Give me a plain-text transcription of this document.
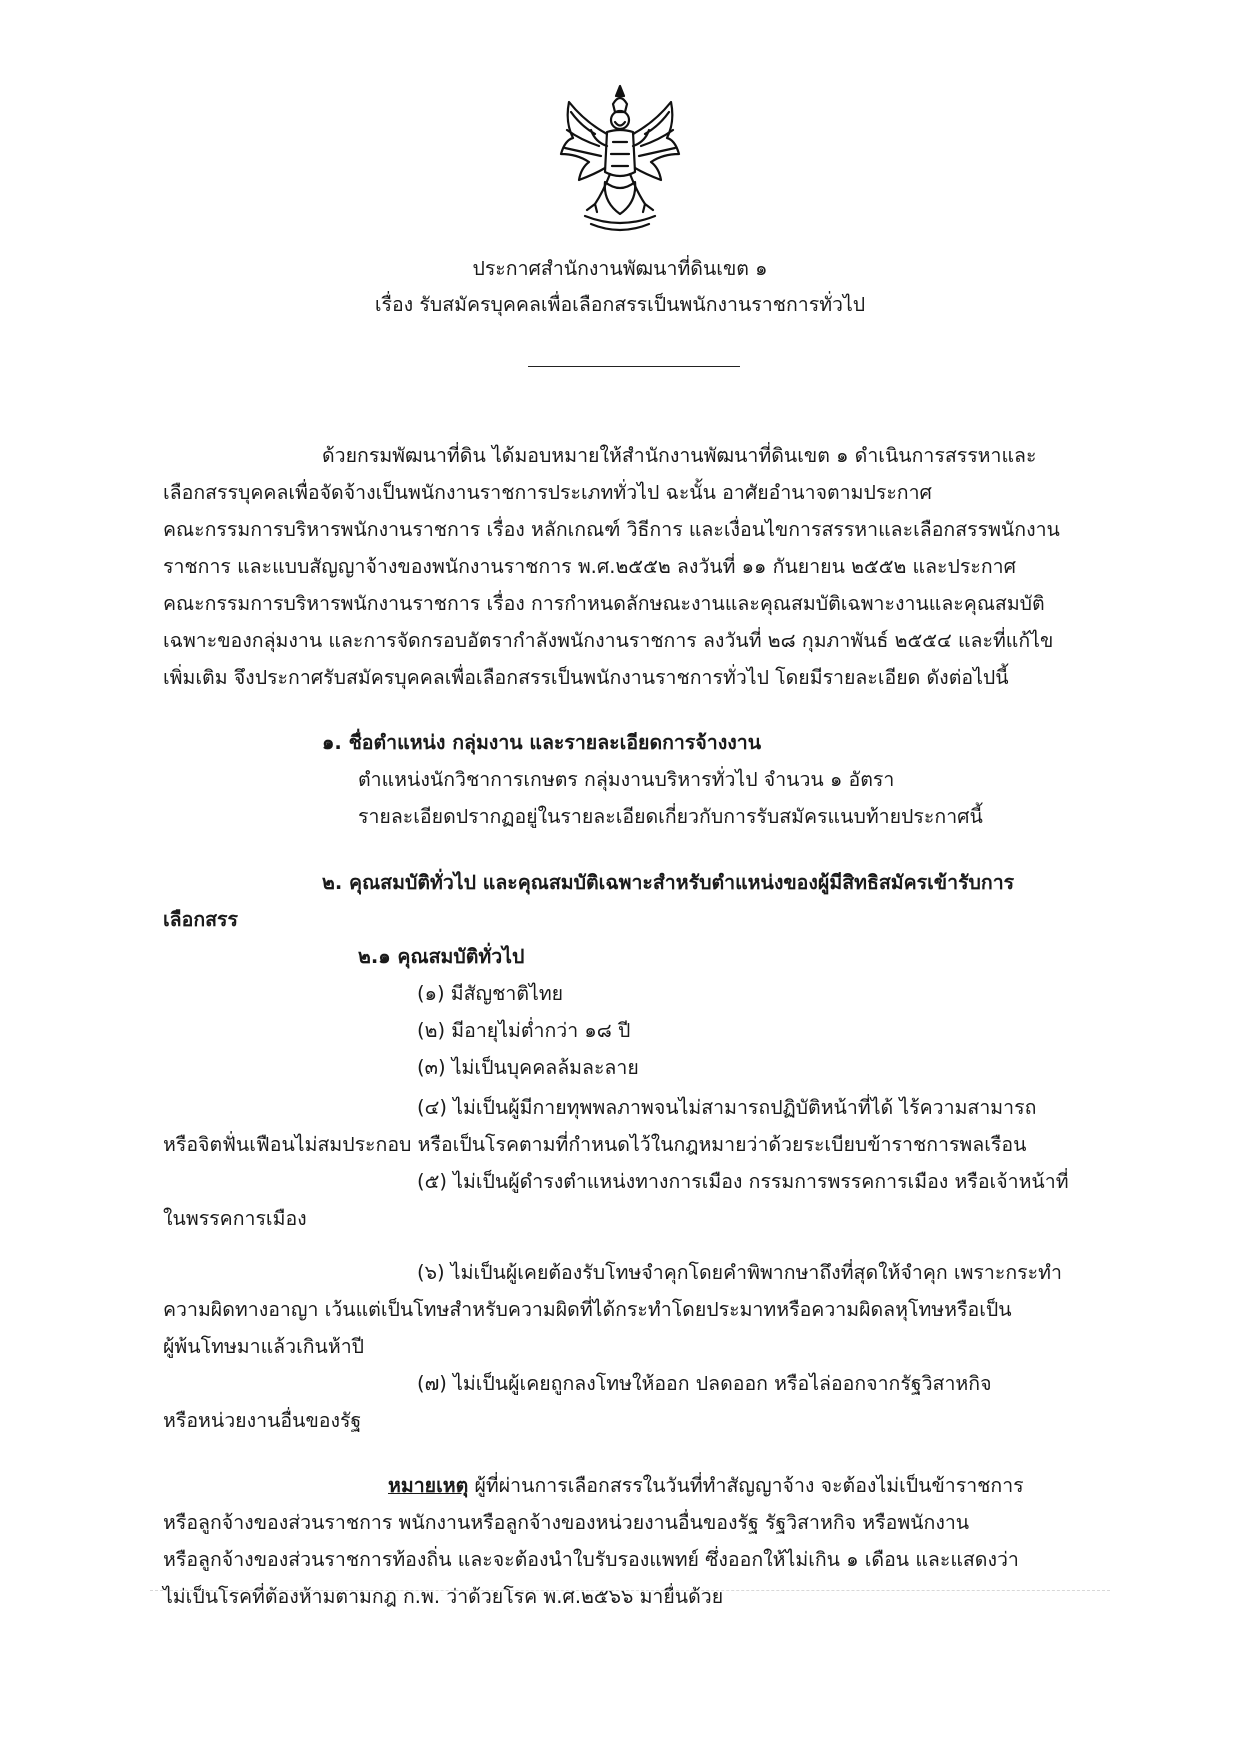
ประกาศสำนักงานพัฒนาที่ดินเขต ๑
เรื่อง รับสมัครบุคคลเพื่อเลือกสรรเป็นพนักงานราชการทั่วไป
ด้วยกรมพัฒนาที่ดิน ได้มอบหมายให้สำนักงานพัฒนาที่ดินเขต ๑ ดำเนินการสรรหาและ
เลือกสรรบุคคลเพื่อจัดจ้างเป็นพนักงานราชการประเภททั่วไป ฉะนั้น อาศัยอำนาจตามประกาศ
คณะกรรมการบริหารพนักงานราชการ เรื่อง หลักเกณฑ์ วิธีการ และเงื่อนไขการสรรหาและเลือกสรรพนักงาน
ราชการ และแบบสัญญาจ้างของพนักงานราชการ พ.ศ.๒๕๕๒ ลงวันที่ ๑๑ กันยายน ๒๕๕๒ และประกาศ
คณะกรรมการบริหารพนักงานราชการ เรื่อง การกำหนดลักษณะงานและคุณสมบัติเฉพาะงานและคุณสมบัติ
เฉพาะของกลุ่มงาน และการจัดกรอบอัตรากำลังพนักงานราชการ ลงวันที่ ๒๘ กุมภาพันธ์ ๒๕๕๔ และที่แก้ไข
เพิ่มเติม จึงประกาศรับสมัครบุคคลเพื่อเลือกสรรเป็นพนักงานราชการทั่วไป โดยมีรายละเอียด ดังต่อไปนี้
๑. ชื่อตำแหน่ง กลุ่มงาน และรายละเอียดการจ้างงาน
ตำแหน่งนักวิชาการเกษตร กลุ่มงานบริหารทั่วไป จำนวน ๑ อัตรา
รายละเอียดปรากฏอยู่ในรายละเอียดเกี่ยวกับการรับสมัครแนบท้ายประกาศนี้
๒. คุณสมบัติทั่วไป และคุณสมบัติเฉพาะสำหรับตำแหน่งของผู้มีสิทธิสมัครเข้ารับการ
เลือกสรร
๒.๑ คุณสมบัติทั่วไป
(๑) มีสัญชาติไทย
(๒) มีอายุไม่ต่ำกว่า ๑๘ ปี
(๓) ไม่เป็นบุคคลล้มละลาย
(๔) ไม่เป็นผู้มีกายทุพพลภาพจนไม่สามารถปฏิบัติหน้าที่ได้ ไร้ความสามารถ
หรือจิตฟั่นเฟือนไม่สมประกอบ หรือเป็นโรคตามที่กำหนดไว้ในกฎหมายว่าด้วยระเบียบข้าราชการพลเรือน
(๕) ไม่เป็นผู้ดำรงตำแหน่งทางการเมือง กรรมการพรรคการเมือง หรือเจ้าหน้าที่
ในพรรคการเมือง
(๖) ไม่เป็นผู้เคยต้องรับโทษจำคุกโดยคำพิพากษาถึงที่สุดให้จำคุก เพราะกระทำ
ความผิดทางอาญา เว้นแต่เป็นโทษสำหรับความผิดที่ได้กระทำโดยประมาทหรือความผิดลหุโทษหรือเป็น
ผู้พ้นโทษมาแล้วเกินห้าปี
(๗) ไม่เป็นผู้เคยถูกลงโทษให้ออก ปลดออก หรือไล่ออกจากรัฐวิสาหกิจ
หรือหน่วยงานอื่นของรัฐ
หมายเหตุ ผู้ที่ผ่านการเลือกสรรในวันที่ทำสัญญาจ้าง จะต้องไม่เป็นข้าราชการ
หรือลูกจ้างของส่วนราชการ พนักงานหรือลูกจ้างของหน่วยงานอื่นของรัฐ รัฐวิสาหกิจ หรือพนักงาน
หรือลูกจ้างของส่วนราชการท้องถิ่น และจะต้องนำใบรับรองแพทย์ ซึ่งออกให้ไม่เกิน ๑ เดือน และแสดงว่า
ไม่เป็นโรคที่ต้องห้ามตามกฎ ก.พ. ว่าด้วยโรค พ.ศ.๒๕๖๖ มายื่นด้วย
